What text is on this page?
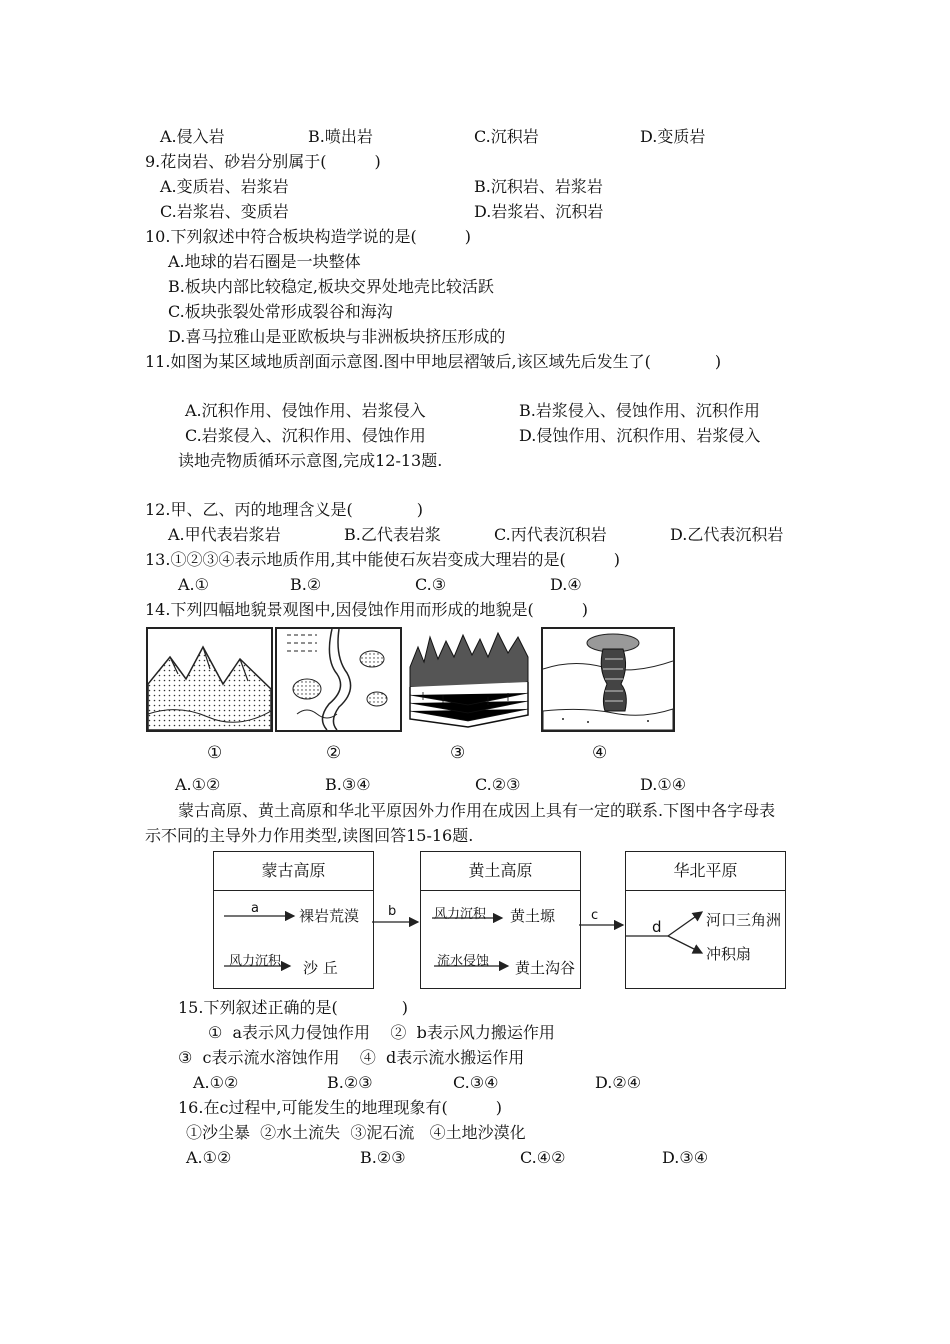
A.侵入岩	B.喷出岩	C.沉积岩	D.变质岩
9.花岗岩、砂岩分别属于(　　　)
A.变质岩、岩浆岩	B.沉积岩、岩浆岩
C.岩浆岩、变质岩	D.岩浆岩、沉积岩
10.下列叙述中符合板块构造学说的是(　　　)
A.地球的岩石圈是一块整体
B.板块内部比较稳定,板块交界处地壳比较活跃
C.板块张裂处常形成裂谷和海沟
D.喜马拉雅山是亚欧板块与非洲板块挤压形成的
11.如图为某区域地质剖面示意图.图中甲地层褶皱后,该区域先后发生了(　　　　)
A.沉积作用、侵蚀作用、岩浆侵入	B.岩浆侵入、侵蚀作用、沉积作用
C.岩浆侵入、沉积作用、侵蚀作用	D.侵蚀作用、沉积作用、岩浆侵入
读地壳物质循环示意图,完成12-13题.
12.甲、乙、丙的地理含义是(　　　　)
A.甲代表岩浆岩	B.乙代表岩浆	C.丙代表沉积岩	D.乙代表沉积岩
13.①②③④表示地质作用,其中能使石灰岩变成大理岩的是(　　　)
A.①	B.②	C.③	D.④
14.下列四幅地貌景观图中,因侵蚀作用而形成的地貌是(　　　)
①	②	③	④
A.①②	B.③④	C.②③	D.①④
蒙古高原、黄土高原和华北平原因外力作用在成因上具有一定的联系.下图中各字母表
示不同的主导外力作用类型,读图回答15-16题.
蒙古高原	黄土高原	华北平原
a	裸岩荒漠
风力沉积 沙 丘
b	风力沉积 黄土塬
流水侵蚀 黄土沟谷
c
d	河口三角洲
冲积扇
15.下列叙述正确的是(　　　　)
①  a表示风力侵蚀作用    ②  b表示风力搬运作用
③  c表示流水溶蚀作用    ④  d表示流水搬运作用
A.①②	B.②③	C.③④	D.②④
16.在c过程中,可能发生的地理现象有(　　　)
①沙尘暴  ②水土流失  ③泥石流   ④土地沙漠化
A.①②	B.②③	C.④②	D.③④
